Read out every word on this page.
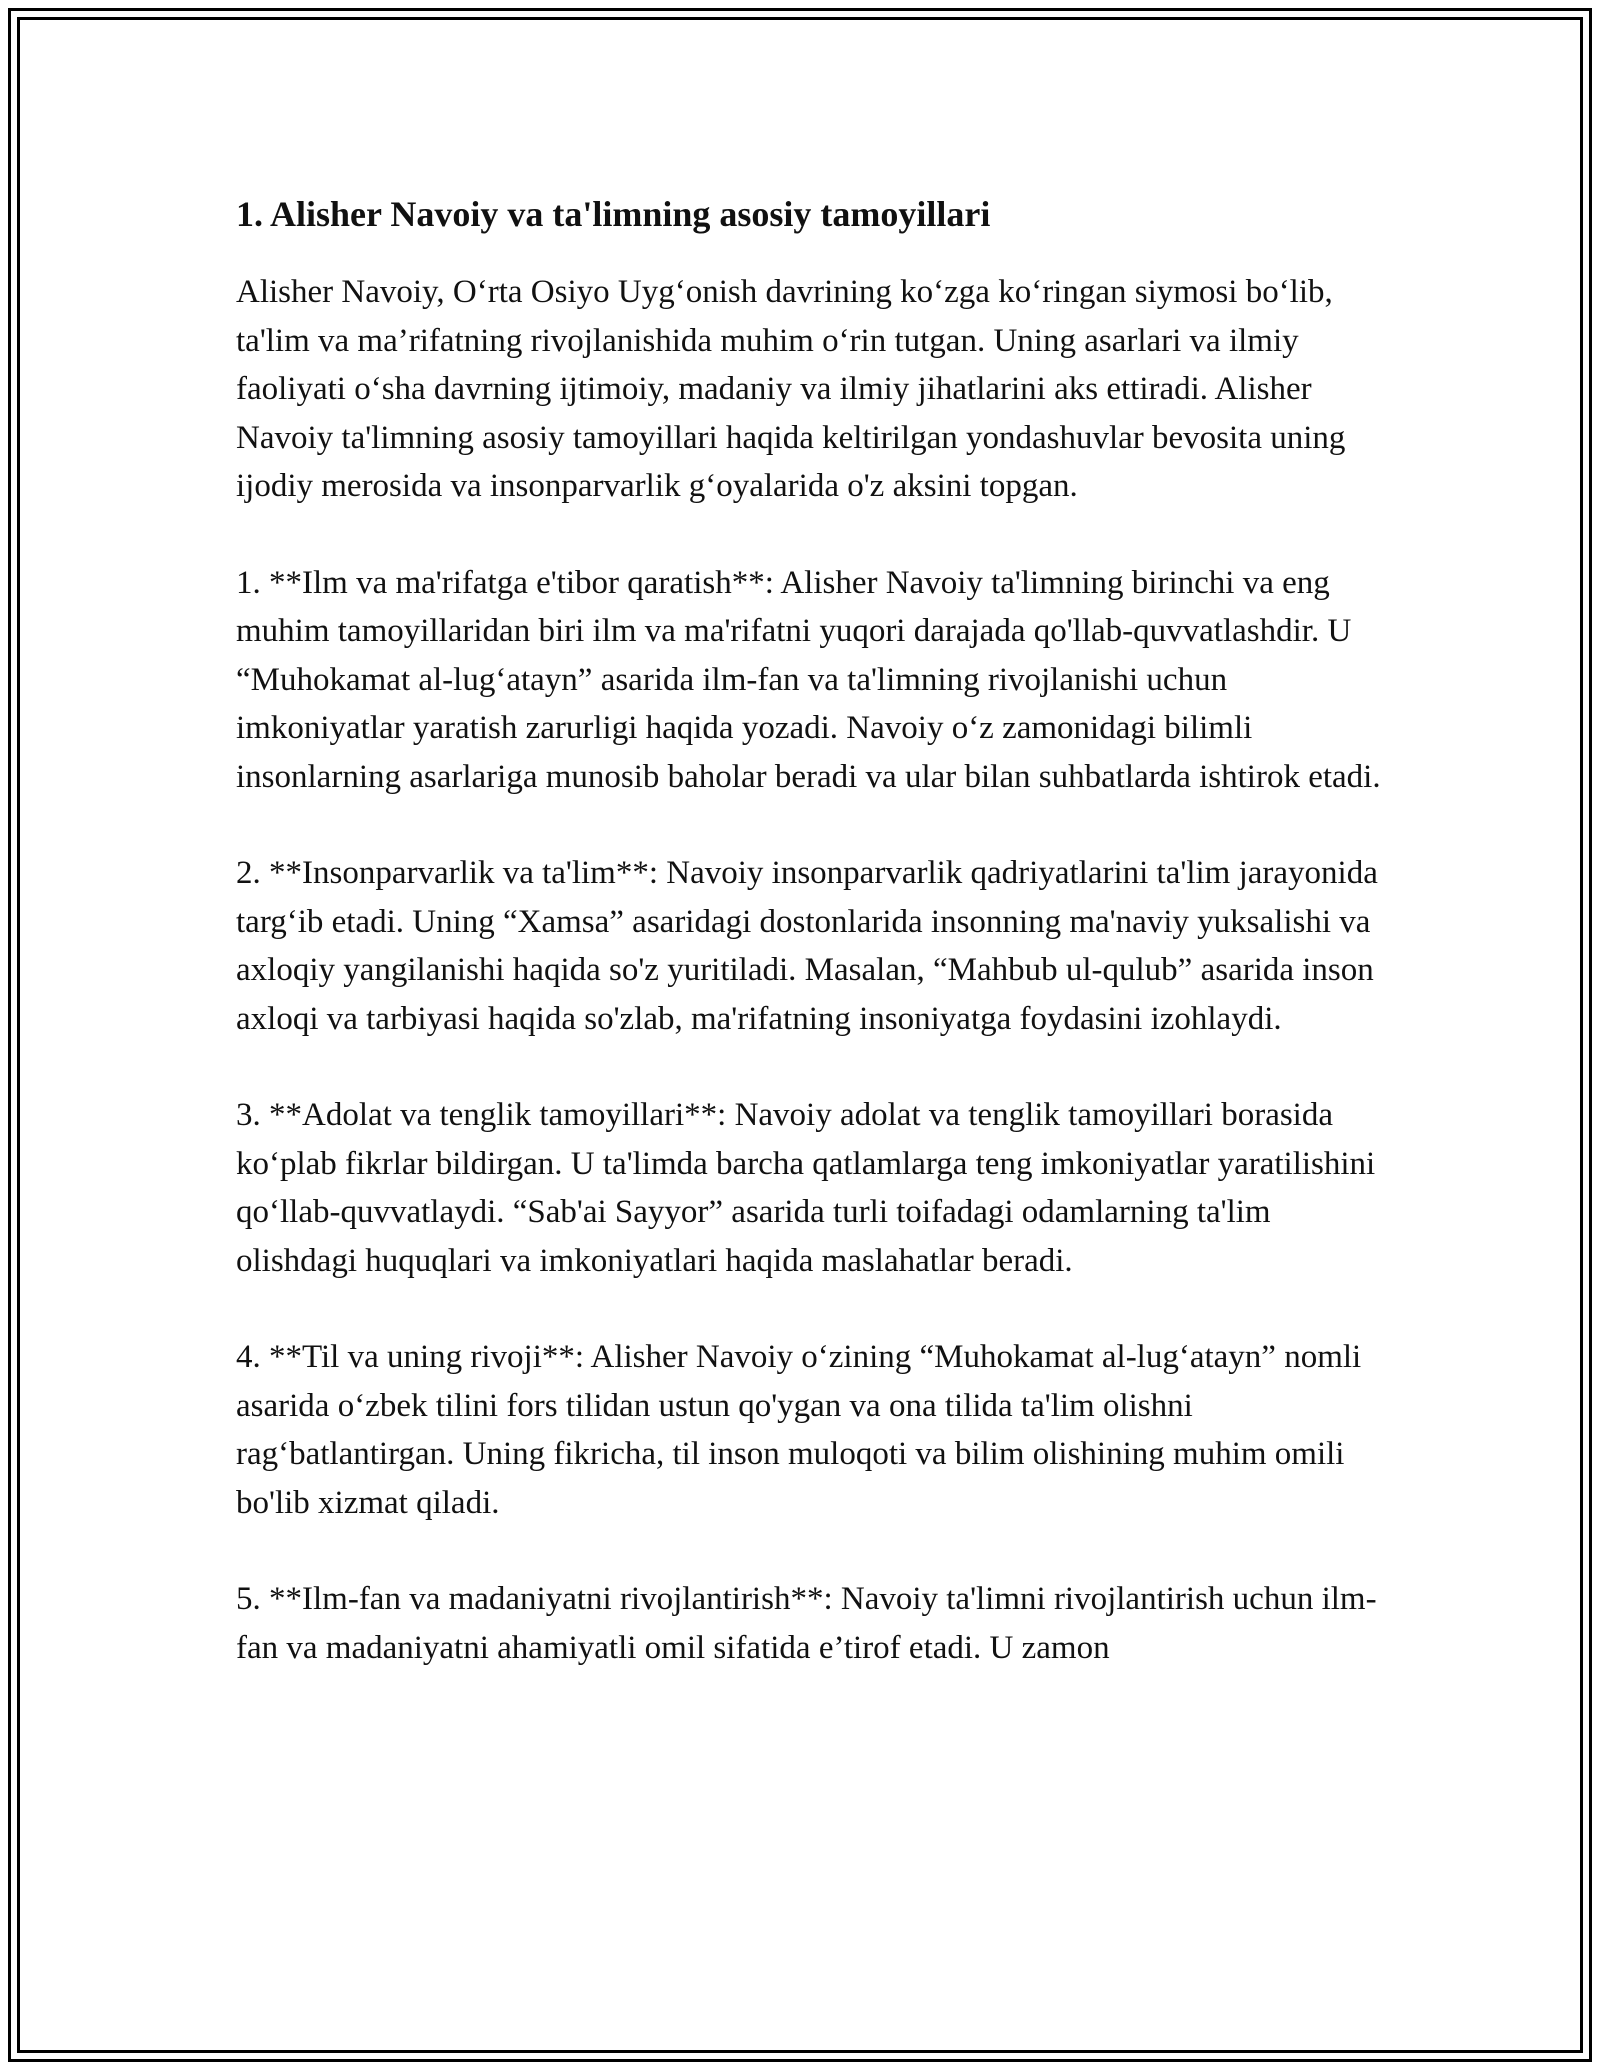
1. Alisher Navoiy va ta'limning asosiy tamoyillari

Alisher Navoiy, O‘rta Osiyo Uyg‘onish davrining ko‘zga ko‘ringan siymosi bo‘lib, ta'lim va ma’rifatning rivojlanishida muhim o‘rin tutgan. Uning asarlari va ilmiy faoliyati o‘sha davrning ijtimoiy, madaniy va ilmiy jihatlarini aks ettiradi. Alisher Navoiy ta'limning asosiy tamoyillari haqida keltirilgan yondashuvlar bevosita uning ijodiy merosida va insonparvarlik g‘oyalarida o'z aksini topgan.

1. **Ilm va ma'rifatga e'tibor qaratish**: Alisher Navoiy ta'limning birinchi va eng muhim tamoyillaridan biri ilm va ma'rifatni yuqori darajada qo'llab-quvvatlashdir. U “Muhokamat al-lug‘atayn” asarida ilm-fan va ta'limning rivojlanishi uchun imkoniyatlar yaratish zarurligi haqida yozadi. Navoiy o‘z zamonidagi bilimli insonlarning asarlariga munosib baholar beradi va ular bilan suhbatlarda ishtirok etadi.

2. **Insonparvarlik va ta'lim**: Navoiy insonparvarlik qadriyatlarini ta'lim jarayonida targ‘ib etadi. Uning “Xamsa” asaridagi dostonlarida insonning ma'naviy yuksalishi va axloqiy yangilanishi haqida so'z yuritiladi. Masalan, “Mahbub ul-qulub” asarida inson axloqi va tarbiyasi haqida so'zlab, ma'rifatning insoniyatga foydasini izohlaydi.

3. **Adolat va tenglik tamoyillari**: Navoiy adolat va tenglik tamoyillari borasida ko‘plab fikrlar bildirgan. U ta'limda barcha qatlamlarga teng imkoniyatlar yaratilishini qo‘llab-quvvatlaydi. “Sab'ai Sayyor” asarida turli toifadagi odamlarning ta'lim olishdagi huquqlari va imkoniyatlari haqida maslahatlar beradi.

4. **Til va uning rivoji**: Alisher Navoiy o‘zining “Muhokamat al-lug‘atayn” nomli asarida o‘zbek tilini fors tilidan ustun qo'ygan va ona tilida ta'lim olishni rag‘batlantirgan. Uning fikricha, til inson muloqoti va bilim olishining muhim omili bo'lib xizmat qiladi.

5. **Ilm-fan va madaniyatni rivojlantirish**: Navoiy ta'limni rivojlantirish uchun ilm-fan va madaniyatni ahamiyatli omil sifatida e’tirof etadi. U zamon
